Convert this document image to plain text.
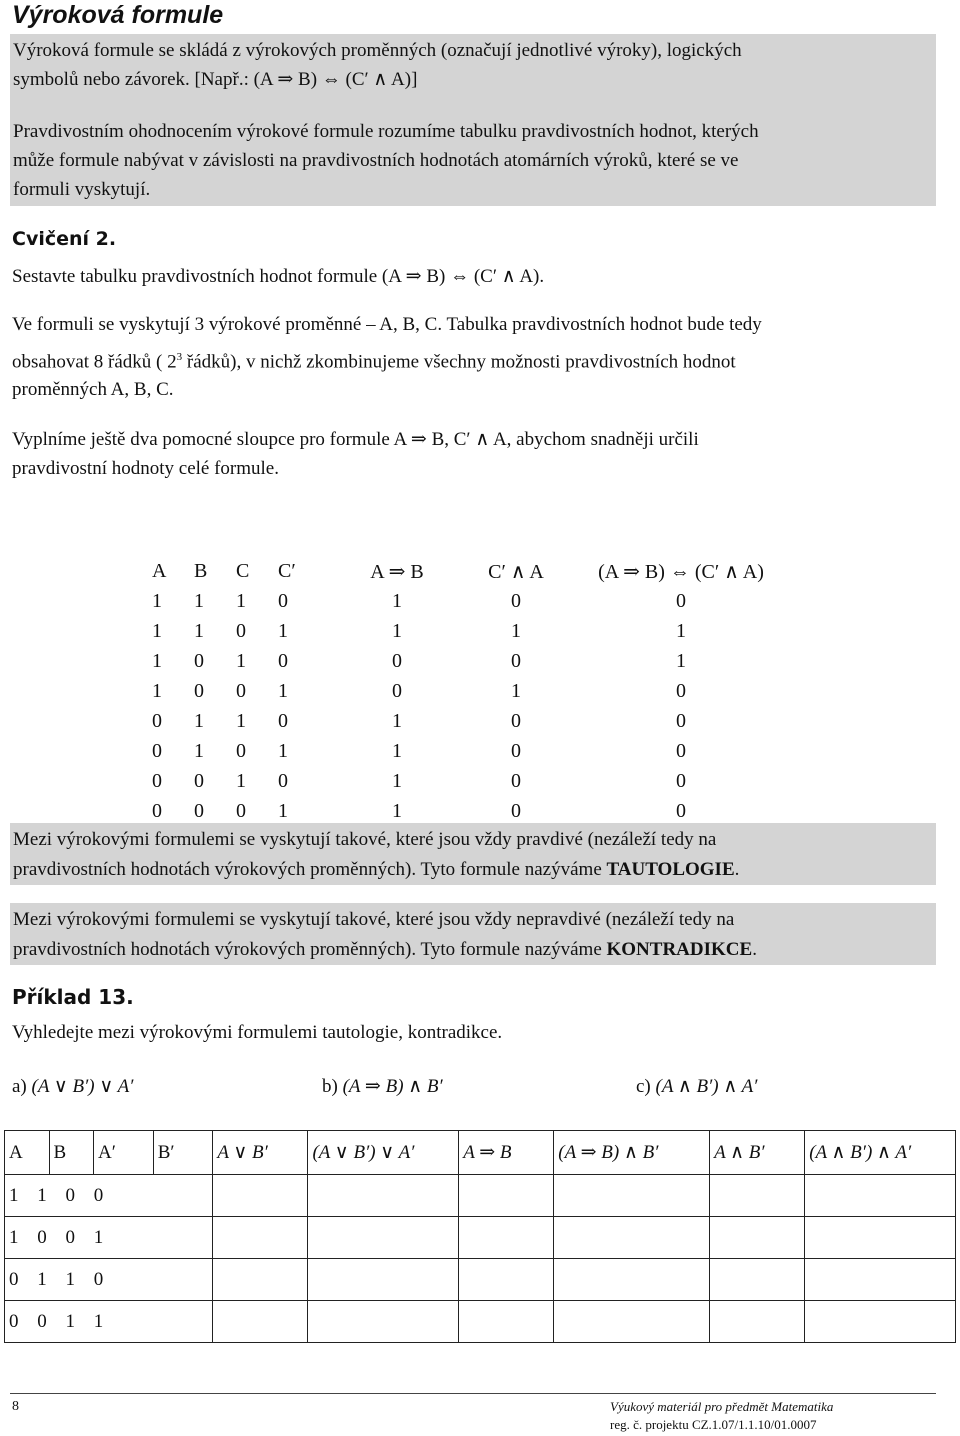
Výroková formule
Výroková formule se skládá z výrokových proměnných (označují jednotlivé výroky), logických
symbolů nebo závorek. [Např.: (A ⇒ B) ⇔ (C′ ∧ A)]
Pravdivostním ohodnocením výrokové formule rozumíme tabulku pravdivostních hodnot, kterých
může formule nabývat v závislosti na pravdivostních hodnotách atomárních výroků, které se ve
formuli vyskytují.
Cvičení 2.
Sestavte tabulku pravdivostních hodnot formule (A ⇒ B) ⇔ (C′ ∧ A).
Ve formuli se vyskytují 3 výrokové proměnné – A, B, C. Tabulka pravdivostních hodnot bude tedy
obsahovat 8 řádků ( $2^3$ řádků), v nichž zkombinujeme všechny možnosti pravdivostních hodnot
proměnných A, B, C.
Vyplníme ještě dva pomocné sloupce pro formule A ⇒ B, C′ ∧ A, abychom snadněji určili
pravdivostní hodnoty celé formule.
A	B	C	C′	A ⇒ B	C′ ∧ A	(A ⇒ B) ⇔ (C′ ∧ A)
1	1	1	0	1	0	0
1	1	0	1	1	1	1
1	0	1	0	0	0	1
1	0	0	1	0	1	0
0	1	1	0	1	0	0
0	1	0	1	1	0	0
0	0	1	0	1	0	0
0	0	0	1	1	0	0
Mezi výrokovými formulemi se vyskytují takové, které jsou vždy pravdivé (nezáleží tedy na
pravdivostních hodnotách výrokových proměnných). Tyto formule nazýváme TAUTOLOGIE.
Mezi výrokovými formulemi se vyskytují takové, které jsou vždy nepravdivé (nezáleží tedy na
pravdivostních hodnotách výrokových proměnných). Tyto formule nazýváme KONTRADIKCE.
Příklad 13.
Vyhledejte mezi výrokovými formulemi tautologie, kontradikce.
a) (A ∨ B′) ∨ A′	b) (A ⇒ B) ∧ B′	c) (A ∧ B′) ∧ A′
A	B	A′	B′	A ∨ B′	(A ∨ B′) ∨ A′	A ⇒ B	(A ⇒ B) ∧ B′	A ∧ B′	(A ∧ B′) ∧ A′
1 1 0 0									
1 0 0 1									
0 1 1 0									
0 0 1 1									
8	Výukový materiál pro předmět Matematika
reg. č. projektu CZ.1.07/1.1.10/01.0007
